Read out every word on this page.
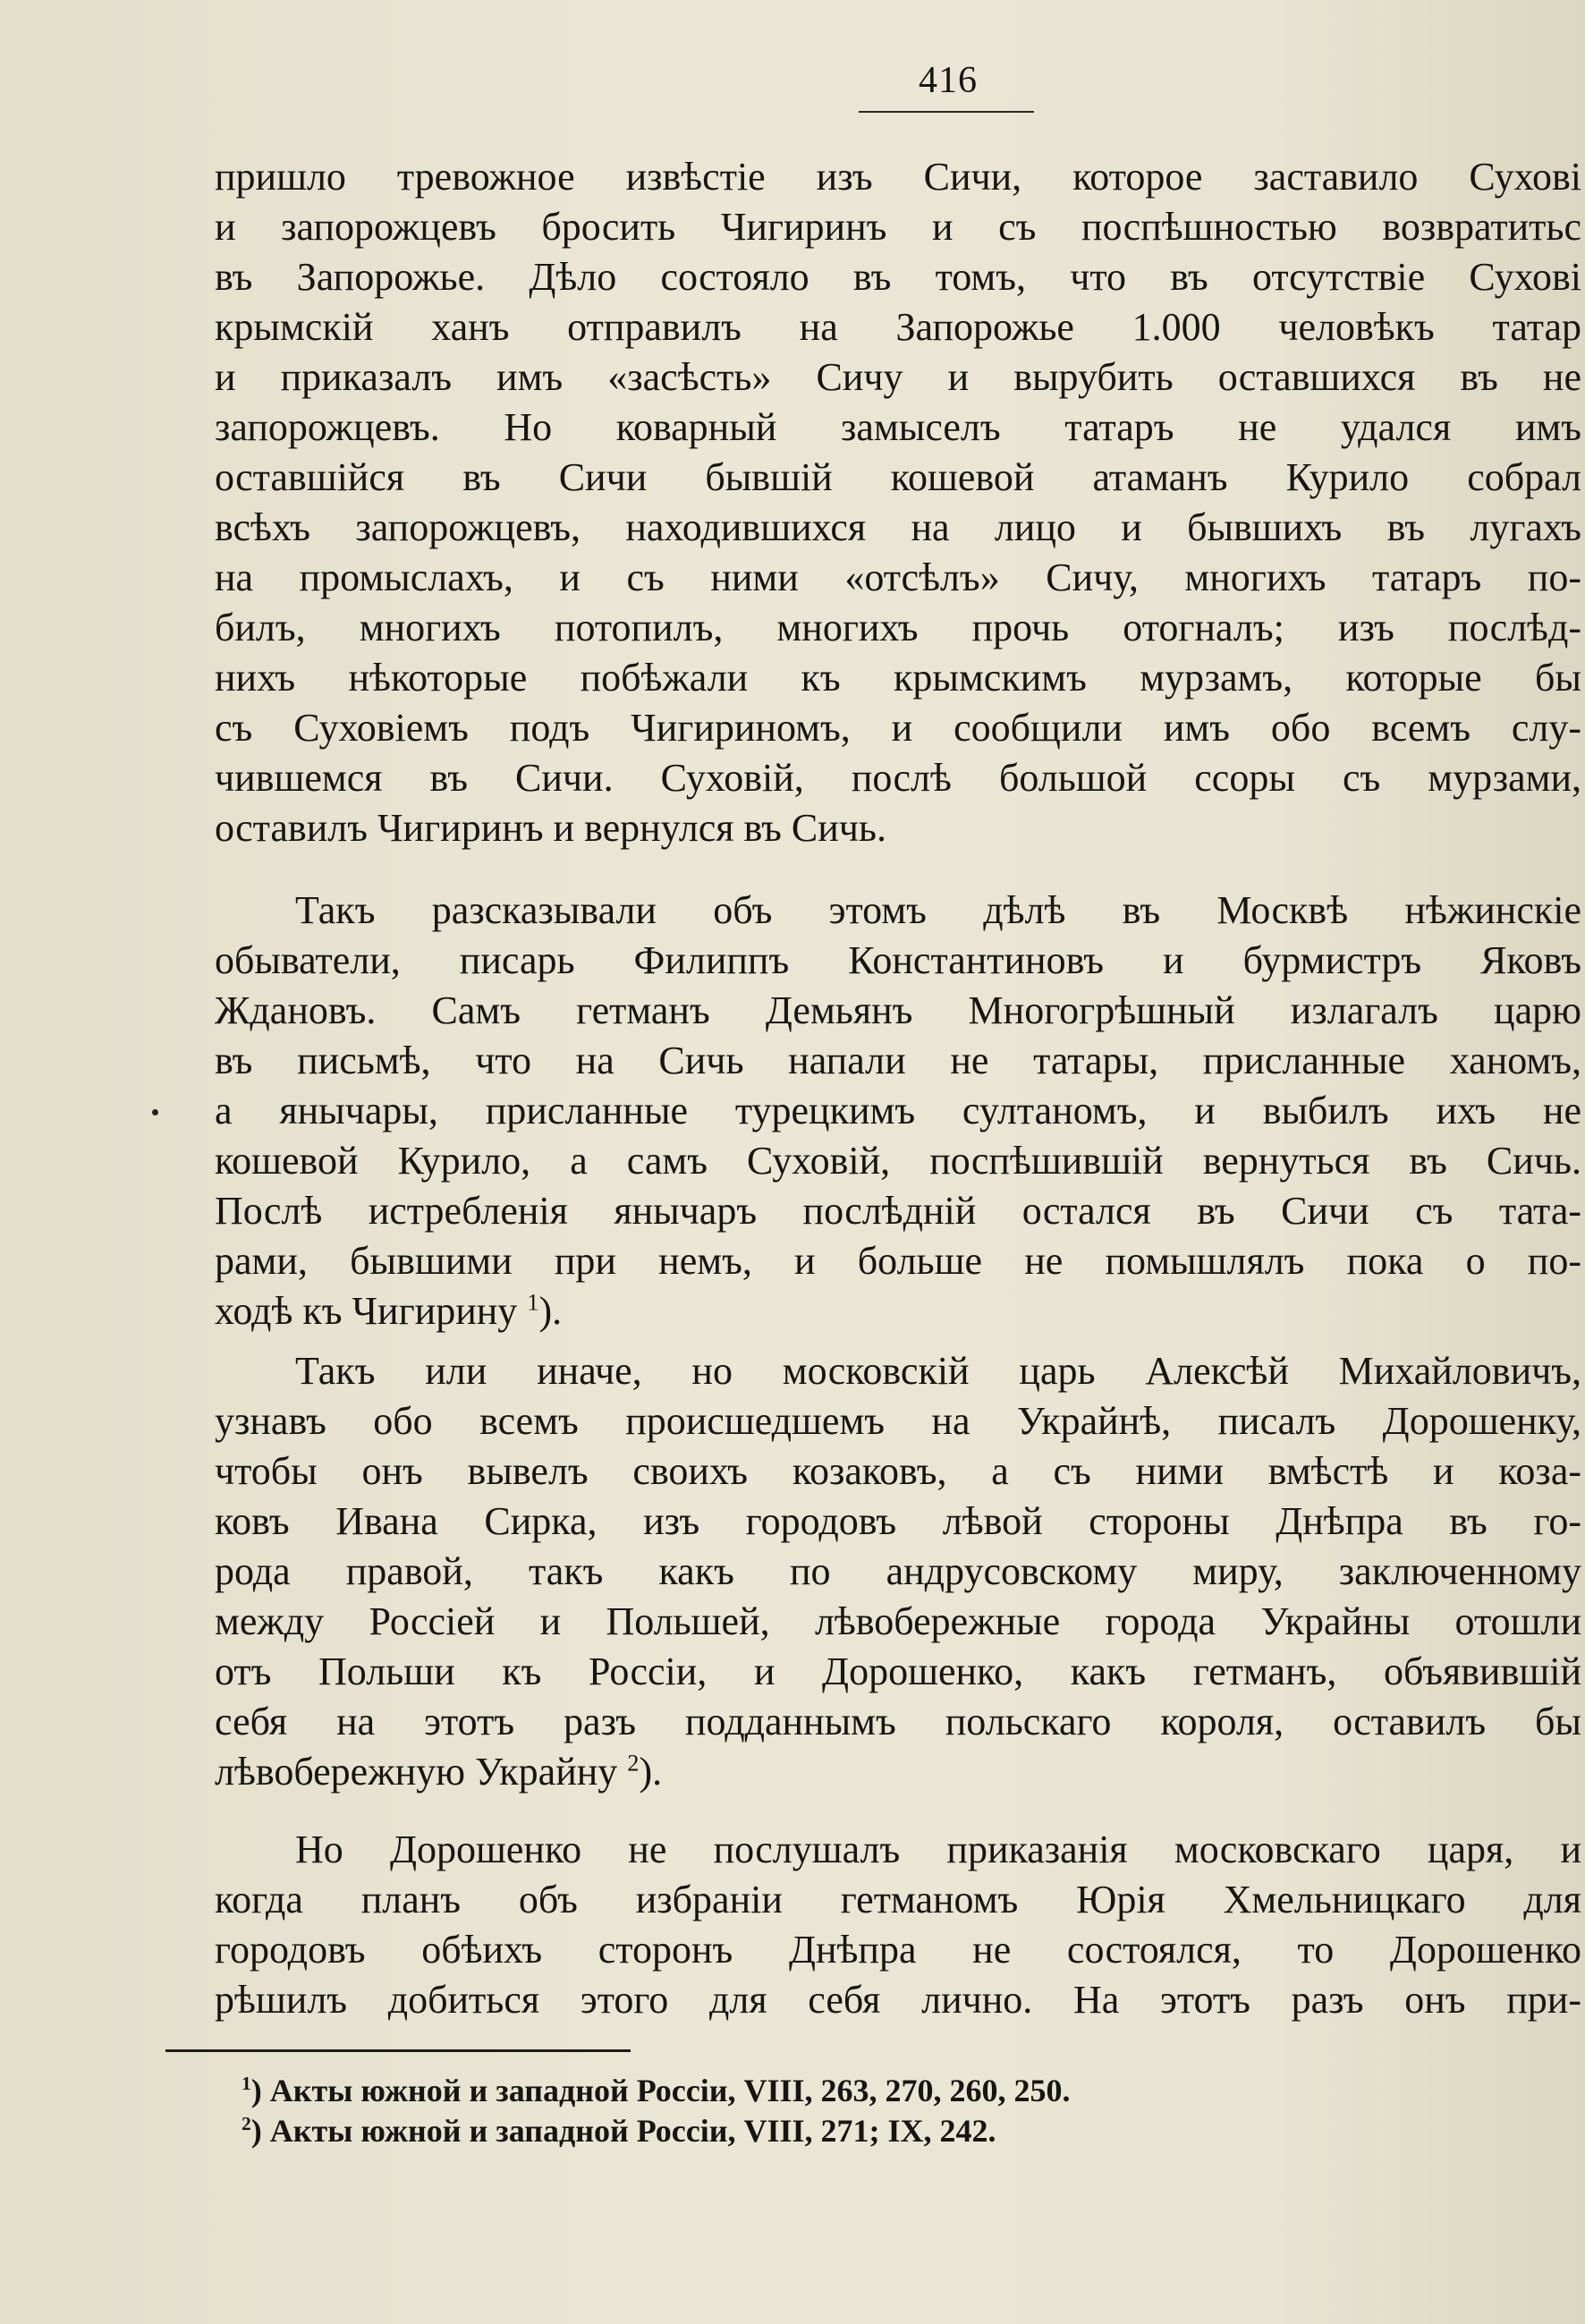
416
пришло тревожное извѣстіе изъ Сичи, которое заставило Сухові
и запорожцевъ бросить Чигиринъ и съ поспѣшностью возвратитьс
въ Запорожье. Дѣло состояло въ томъ, что въ отсутствіе Сухові
крымскій ханъ отправилъ на Запорожье 1.000 человѣкъ татар
и приказалъ имъ «засѣсть» Сичу и вырубить оставшихся въ не
запорожцевъ. Но коварный замыселъ татаръ не удался имъ
оставшійся въ Сичи бывшій кошевой атаманъ Курило собрал
всѣхъ запорожцевъ, находившихся на лицо и бывшихъ въ лугахъ
на промыслахъ, и съ ними «отсѣлъ» Сичу, многихъ татаръ по-
билъ, многихъ потопилъ, многихъ прочь отогналъ; изъ послѣд-
нихъ нѣкоторые побѣжали къ крымскимъ мурзамъ, которые бы
съ Суховіемъ подъ Чигириномъ, и сообщили имъ обо всемъ слу-
чившемся въ Сичи. Суховій, послѣ большой ссоры съ мурзами,
оставилъ Чигиринъ и вернулся въ Сичь.
Такъ разсказывали объ этомъ дѣлѣ въ Москвѣ нѣжинскіе
обыватели, писарь Филиппъ Константиновъ и бурмистръ Яковъ
Ждановъ. Самъ гетманъ Демьянъ Многогрѣшный излагалъ царю
въ письмѣ, что на Сичь напали не татары, присланные ханомъ,
а янычары, присланные турецкимъ султаномъ, и выбилъ ихъ не
кошевой Курило, а самъ Суховій, поспѣшившій вернуться въ Сичь.
Послѣ истребленія янычаръ послѣдній остался въ Сичи съ тата-
рами, бывшими при немъ, и больше не помышлялъ пока о по-
ходѣ къ Чигирину $^1$).
Такъ или иначе, но московскій царь Алексѣй Михайловичъ,
узнавъ обо всемъ происшедшемъ на Украйнѣ, писалъ Дорошенку,
чтобы онъ вывелъ своихъ козаковъ, а съ ними вмѣстѣ и коза-
ковъ Ивана Сирка, изъ городовъ лѣвой стороны Днѣпра въ го-
рода правой, такъ какъ по андрусовскому миру, заключенному
между Россіей и Польшей, лѣвобережные города Украйны отошли
отъ Польши къ Россіи, и Дорошенко, какъ гетманъ, объявившій
себя на этотъ разъ подданнымъ польскаго короля, оставилъ бы
лѣвобережную Украйну $^2$).
Но Дорошенко не послушалъ приказанія московскаго царя, и
когда планъ объ избраніи гетманомъ Юрія Хмельницкаго для
городовъ обѣихъ сторонъ Днѣпра не состоялся, то Дорошенко
рѣшилъ добиться этого для себя лично. На этотъ разъ онъ при-
$^1$) Акты южной и западной Россіи, VIII, 263, 270, 260, 250.
$^2$) Акты южной и западной Россіи, VIII, 271; IX, 242.
